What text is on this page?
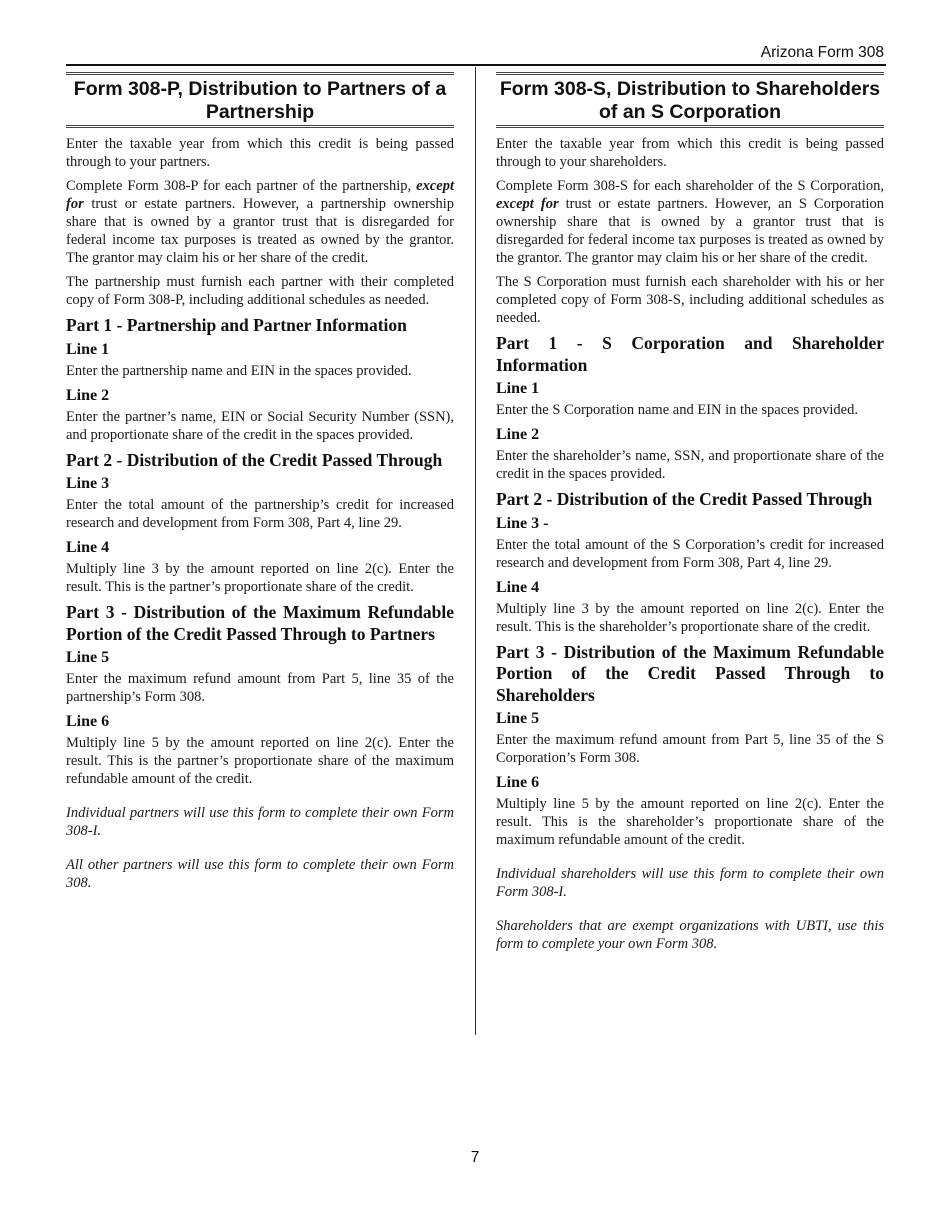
Arizona Form 308
Form 308-P, Distribution to Partners of a Partnership

Enter the taxable year from which this credit is being passed through to your partners.

Complete Form 308-P for each partner of the partnership, except for trust or estate partners. However, a partnership ownership share that is owned by a grantor trust that is disregarded for federal income tax purposes is treated as owned by the grantor. The grantor may claim his or her share of the credit.

The partnership must furnish each partner with their completed copy of Form 308-P, including additional schedules as needed.

Part 1 - Partnership and Partner Information
Line 1

Enter the partnership name and EIN in the spaces provided.

Line 2

Enter the partner’s name, EIN or Social Security Number (SSN), and proportionate share of the credit in the spaces provided.

Part 2 - Distribution of the Credit Passed Through
Line 3

Enter the total amount of the partnership’s credit for increased research and development from Form 308, Part 4, line 29.

Line 4

Multiply line 3 by the amount reported on line 2(c). Enter the result. This is the partner’s proportionate share of the credit.

Part 3 - Distribution of the Maximum Refundable Portion of the Credit Passed Through to Partners
Line 5

Enter the maximum refund amount from Part 5, line 35 of the partnership’s Form 308.

Line 6

Multiply line 5 by the amount reported on line 2(c). Enter the result. This is the partner’s proportionate share of the maximum refundable amount of the credit.

Individual partners will use this form to complete their own Form 308-I.

All other partners will use this form to complete their own Form 308.

Form 308-S, Distribution to Shareholders of an S Corporation

Enter the taxable year from which this credit is being passed through to your shareholders.

Complete Form 308-S for each shareholder of the S Corporation, except for trust or estate partners. However, an S Corporation ownership share that is owned by a grantor trust that is disregarded for federal income tax purposes is treated as owned by the grantor. The grantor may claim his or her share of the credit.

The S Corporation must furnish each shareholder with his or her completed copy of Form 308-S, including additional schedules as needed.

Part 1 - S Corporation and Shareholder Information
Line 1

Enter the S Corporation name and EIN in the spaces provided.

Line 2

Enter the shareholder’s name, SSN, and proportionate share of the credit in the spaces provided.

Part 2 - Distribution of the Credit Passed Through
Line 3 -

Enter the total amount of the S Corporation’s credit for increased research and development from Form 308, Part 4, line 29.

Line 4

Multiply line 3 by the amount reported on line 2(c). Enter the result. This is the shareholder’s proportionate share of the credit.

Part 3 - Distribution of the Maximum Refundable Portion of the Credit Passed Through to Shareholders
Line 5

Enter the maximum refund amount from Part 5, line 35 of the S Corporation’s Form 308.

Line 6

Multiply line 5 by the amount reported on line 2(c). Enter the result. This is the shareholder’s proportionate share of the maximum refundable amount of the credit.

Individual shareholders will use this form to complete their own Form 308-I.

Shareholders that are exempt organizations with UBTI, use this form to complete your own Form 308.

7
